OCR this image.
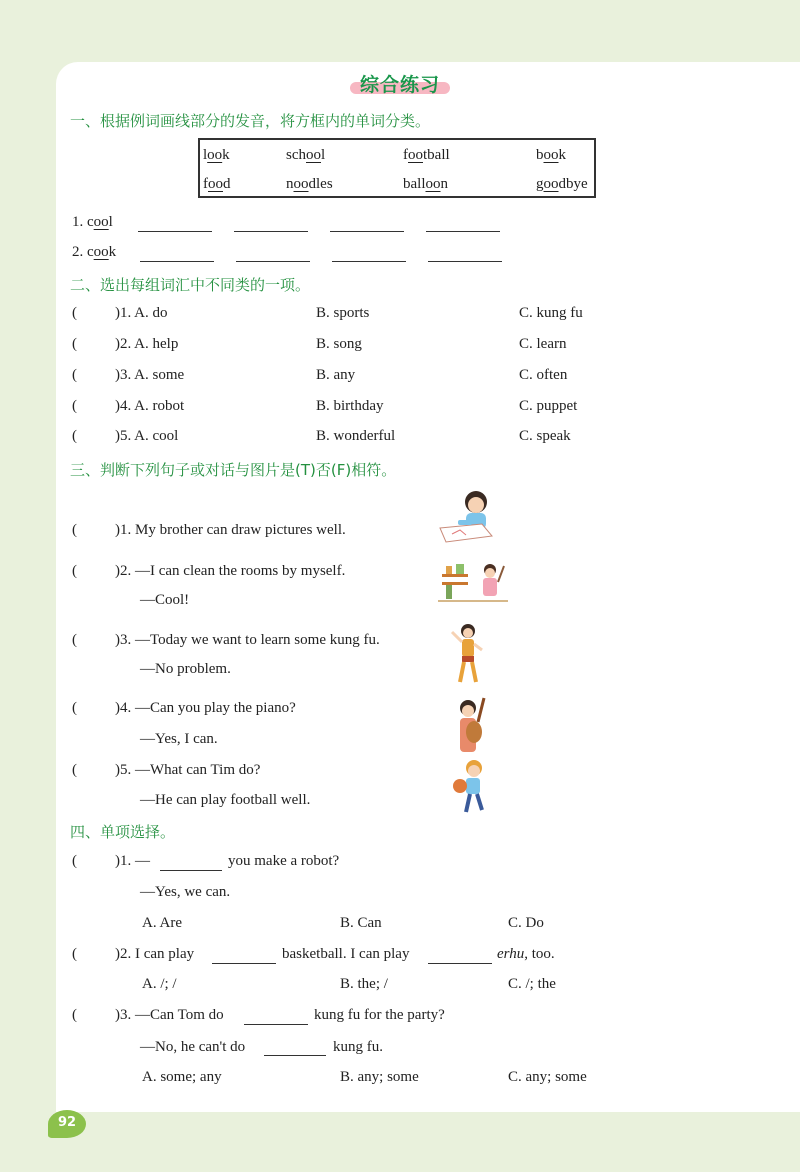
综合练习
一、根据例词画线部分的发音，将方框内的单词分类。
look	school	football	book
food	noodles	balloon	goodbye
1. cool
2. cook
二、选出每组词汇中不同类的一项。
(	)1. A. do	B. sports	C. kung fu
(	)2. A. help	B. song	C. learn
(	)3. A. some	B. any	C. often
(	)4. A. robot	B. birthday	C. puppet
(	)5. A. cool	B. wonderful	C. speak
三、判断下列句子或对话与图片是(T)否(F)相符。
(	)1. My brother can draw pictures well.
(	)2. —I can clean the rooms by myself.
—Cool!
(	)3. —Today we want to learn some kung fu.
—No problem.
(	)4. —Can you play the piano?
—Yes, I can.
(	)5. —What can Tim do?
—He can play football well.
四、单项选择。
(	)1. —	you make a robot?
—Yes, we can.
A. Are	B. Can	C. Do
(	)2. I can play	basketball. I can play	erhu, too.
A. /; /	B. the; /	C. /; the
(	)3. —Can Tom do	kung fu for the party?
—No, he can't do	kung fu.
A. some; any	B. any; some	C. any; some
92
